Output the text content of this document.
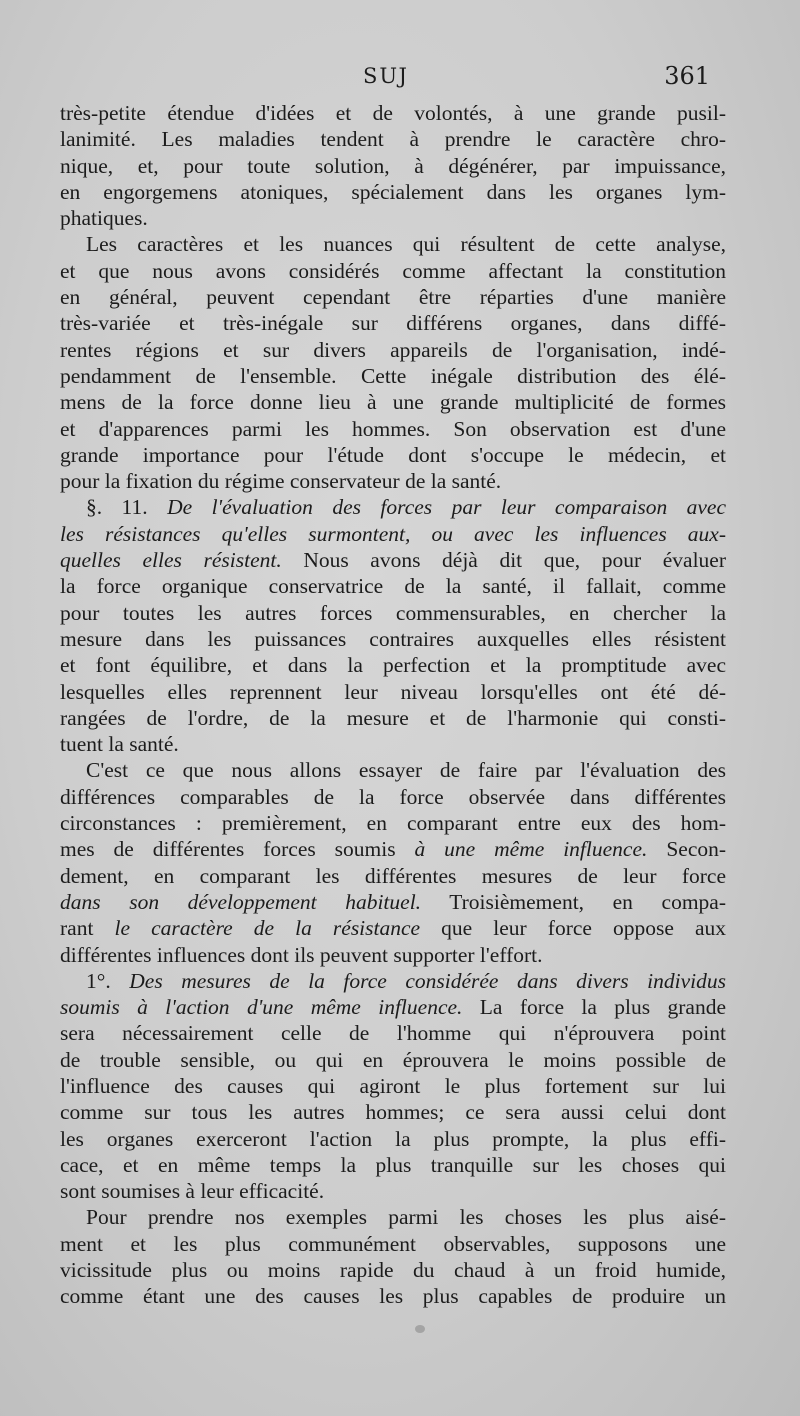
SUJ	361
très-petite étendue d'idées et de volontés, à une grande pusil-
lanimité. Les maladies tendent à prendre le caractère chro-
nique, et, pour toute solution, à dégénérer, par impuissance,
en engorgemens atoniques, spécialement dans les organes lym-
phatiques.
Les caractères et les nuances qui résultent de cette analyse,
et que nous avons considérés comme affectant la constitution
en général, peuvent cependant être réparties d'une manière
très-variée et très-inégale sur différens organes, dans diffé-
rentes régions et sur divers appareils de l'organisation, indé-
pendamment de l'ensemble. Cette inégale distribution des élé-
mens de la force donne lieu à une grande multiplicité de formes
et d'apparences parmi les hommes. Son observation est d'une
grande importance pour l'étude dont s'occupe le médecin, et
pour la fixation du régime conservateur de la santé.
§. 11. De l'évaluation des forces par leur comparaison avec
les résistances qu'elles surmontent, ou avec les influences aux-
quelles elles résistent. Nous avons déjà dit que, pour évaluer
la force organique conservatrice de la santé, il fallait, comme
pour toutes les autres forces commensurables, en chercher la
mesure dans les puissances contraires auxquelles elles résistent
et font équilibre, et dans la perfection et la promptitude avec
lesquelles elles reprennent leur niveau lorsqu'elles ont été dé-
rangées de l'ordre, de la mesure et de l'harmonie qui consti-
tuent la santé.
C'est ce que nous allons essayer de faire par l'évaluation des
différences comparables de la force observée dans différentes
circonstances : premièrement, en comparant entre eux des hom-
mes de différentes forces soumis à une même influence. Secon-
dement, en comparant les différentes mesures de leur force
dans son développement habituel. Troisièmement, en compa-
rant le caractère de la résistance que leur force oppose aux
différentes influences dont ils peuvent supporter l'effort.
1°. Des mesures de la force considérée dans divers individus
soumis à l'action d'une même influence. La force la plus grande
sera nécessairement celle de l'homme qui n'éprouvera point
de trouble sensible, ou qui en éprouvera le moins possible de
l'influence des causes qui agiront le plus fortement sur lui
comme sur tous les autres hommes; ce sera aussi celui dont
les organes exerceront l'action la plus prompte, la plus effi-
cace, et en même temps la plus tranquille sur les choses qui
sont soumises à leur efficacité.
Pour prendre nos exemples parmi les choses les plus aisé-
ment et les plus communément observables, supposons une
vicissitude plus ou moins rapide du chaud à un froid humide,
comme étant une des causes les plus capables de produire un
